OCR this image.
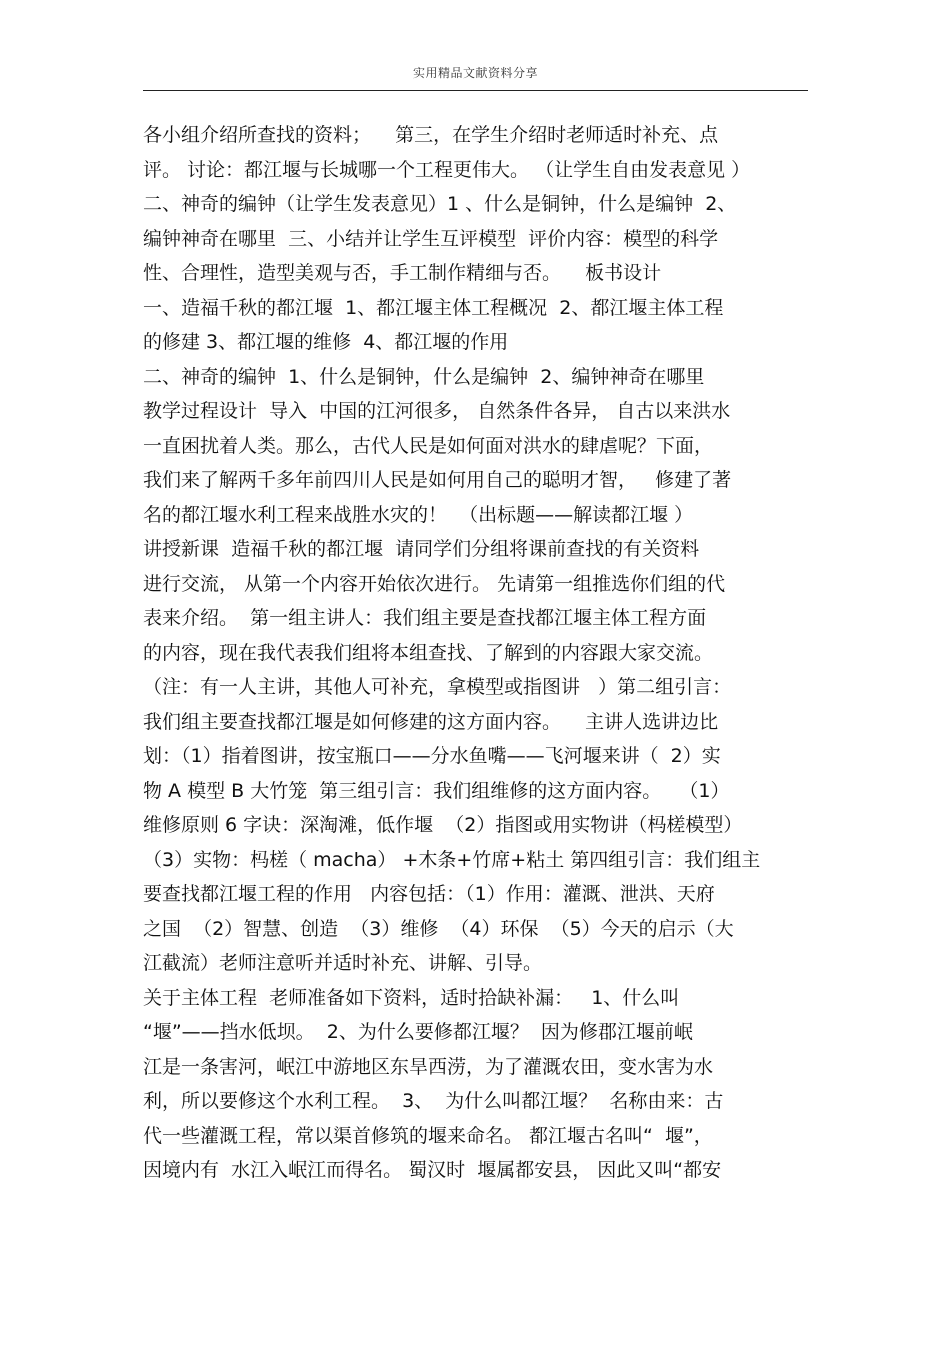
实用精品文献资料分享
各小组介绍所查找的资料；    第三，在学生介绍时老师适时补充、点
评。 讨论：都江堰与长城哪一个工程更伟大。 （让学生自由发表意见 ）
二、神奇的编钟（让学生发表意见）1 、什么是铜钟，什么是编钟  2、
编钟神奇在哪里  三、小结并让学生互评模型  评价内容：模型的科学
性、合理性，造型美观与否，手工制作精细与否。    板书设计
一、造福千秋的都江堰  1、都江堰主体工程概况  2、都江堰主体工程
的修建 3、都江堰的维修  4、都江堰的作用
二、神奇的编钟  1、什么是铜钟，什么是编钟  2、编钟神奇在哪里
教学过程设计  导入  中国的江河很多， 自然条件各异， 自古以来洪水
一直困扰着人类。那么，古代人民是如何面对洪水的肆虐呢？下面，
我们来了解两千多年前四川人民是如何用自己的聪明才智，   修建了著
名的都江堰水利工程来战胜水灾的！  （出标题——解读都江堰 ）
讲授新课  造福千秋的都江堰  请同学们分组将课前查找的有关资料
进行交流， 从第一个内容开始依次进行。 先请第一组推选你们组的代
表来介绍。  第一组主讲人：我们组主要是查找都江堰主体工程方面
的内容，现在我代表我们组将本组查找、了解到的内容跟大家交流。
（注：有一人主讲，其他人可补充，拿模型或指图讲   ）第二组引言：
我们组主要查找都江堰是如何修建的这方面内容。    主讲人选讲边比
划：（1）指着图讲，按宝瓶口——分水鱼嘴——飞河堰来讲（  2）实
物 A 模型 B 大竹笼  第三组引言：我们组维修的这方面内容。   （1）
维修原则 6 字诀：深淘滩，低作堰  （2）指图或用实物讲（杩槎模型）
（3）实物：杩槎（ macha） +木条+竹席+粘土 第四组引言：我们组主
要查找都江堰工程的作用   内容包括：（1）作用：灌溉、泄洪、天府
之国  （2）智慧、创造  （3）维修  （4）环保  （5）今天的启示（大
江截流）老师注意听并适时补充、讲解、引导。
关于主体工程  老师准备如下资料，适时拾缺补漏：   1、什么叫
“堰”——挡水低坝。  2、为什么要修都江堰？  因为修郡江堰前岷
江是一条害河，岷江中游地区东旱西涝，为了灌溉农田，变水害为水
利，所以要修这个水利工程。  3、  为什么叫都江堰？  名称由来：古
代一些灌溉工程，常以渠首修筑的堰来命名。 都江堰古名叫“  堰”，
因境内有  水江入岷江而得名。 蜀汉时  堰属都安县， 因此又叫“都安
